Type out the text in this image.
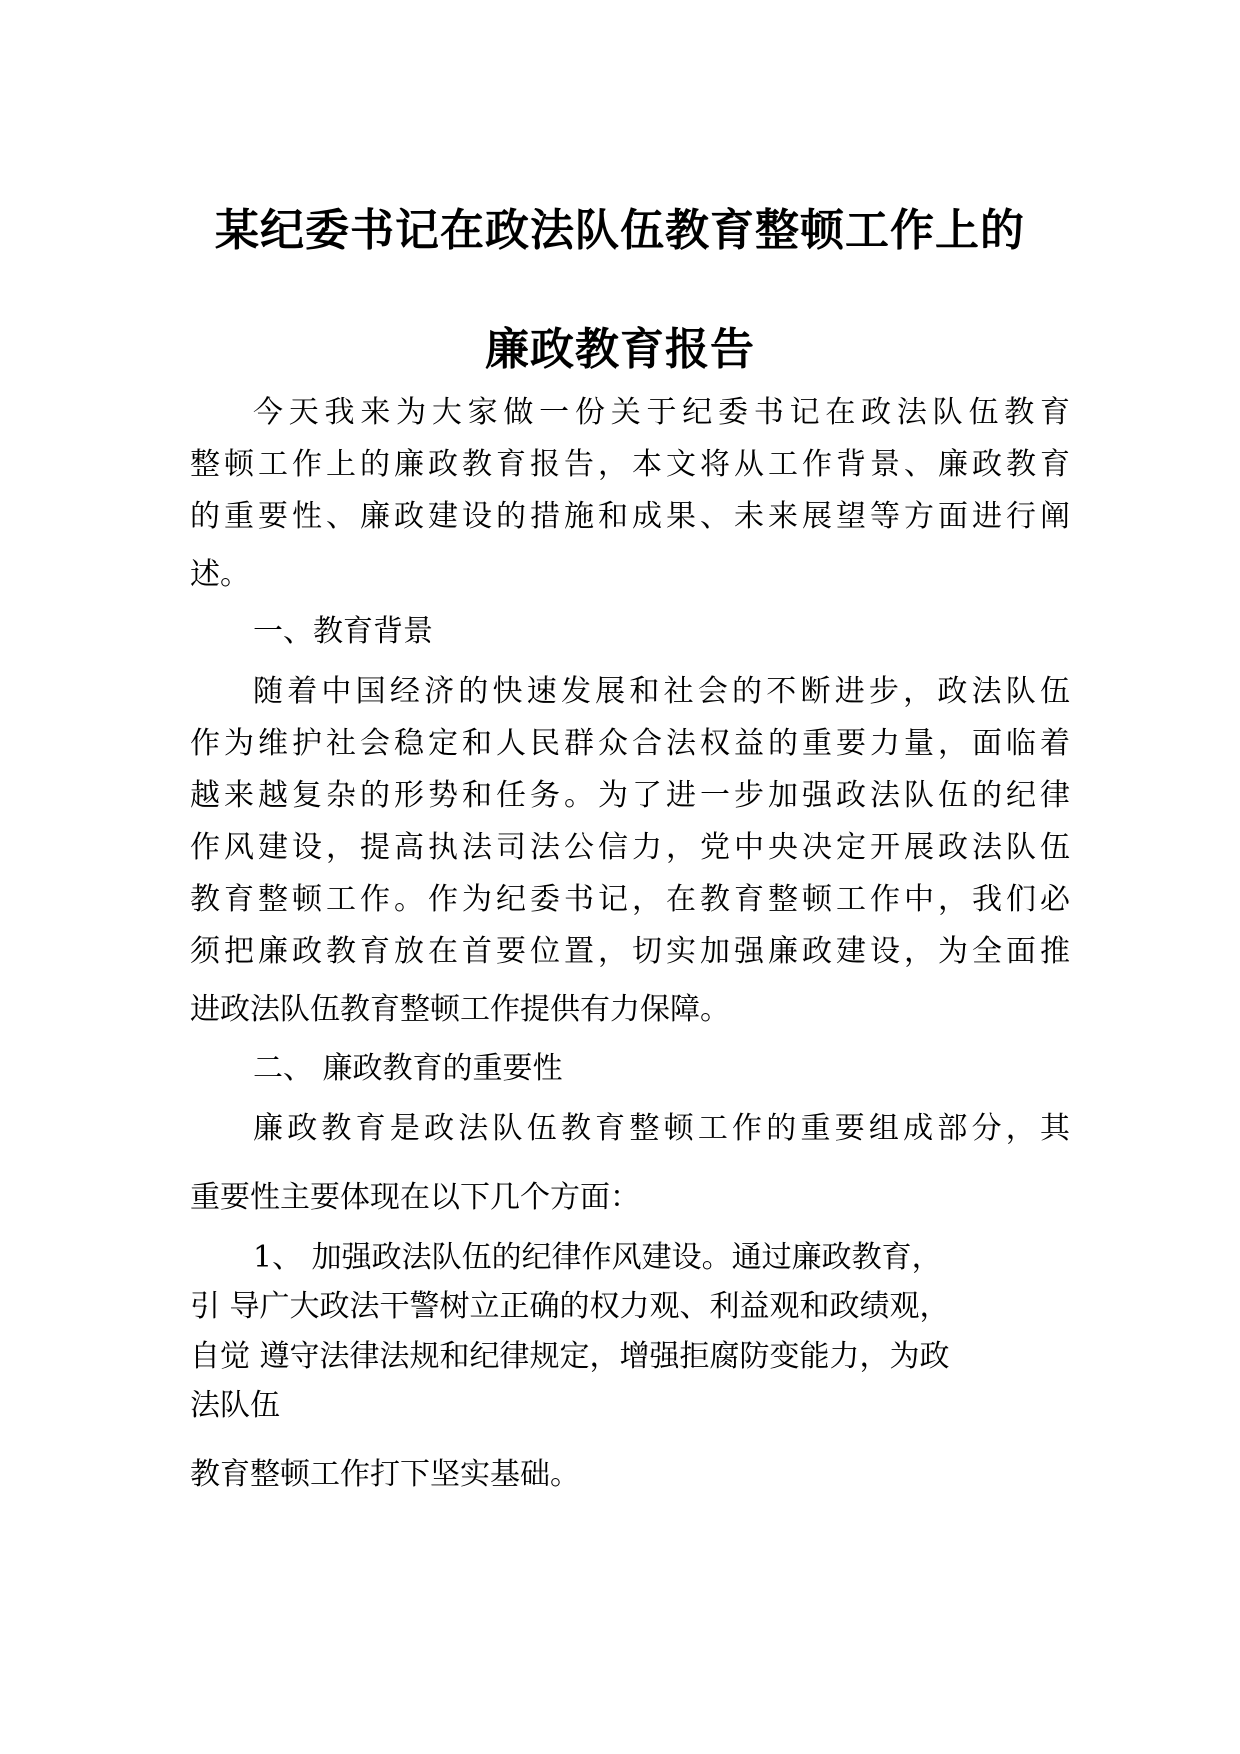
某纪委书记在政法队伍教育整顿工作上的
廉政教育报告

今天我来为大家做一份关于纪委书记在政法队伍教育

整顿工作上的廉政教育报告，本文将从工作背景、廉政教育

的重要性、廉政建设的措施和成果、未来展望等方面进行阐

述。

一、教育背景

随着中国经济的快速发展和社会的不断进步，政法队伍

作为维护社会稳定和人民群众合法权益的重要力量，面临着

越来越复杂的形势和任务。为了进一步加强政法队伍的纪律

作风建设，提高执法司法公信力，党中央决定开展政法队伍

教育整顿工作。作为纪委书记，在教育整顿工作中，我们必

须把廉政教育放在首要位置，切实加强廉政建设，为全面推

进政法队伍教育整顿工作提供有力保障。

二、 廉政教育的重要性

廉政教育是政法队伍教育整顿工作的重要组成部分，其

重要性主要体现在以下几个方面：

1、 加强政法队伍的纪律作风建设。通过廉政教育，

引 导广大政法干警树立正确的权力观、利益观和政绩观，

自觉 遵守法律法规和纪律规定，增强拒腐防变能力，为政

法队伍

教育整顿工作打下坚实基础。
